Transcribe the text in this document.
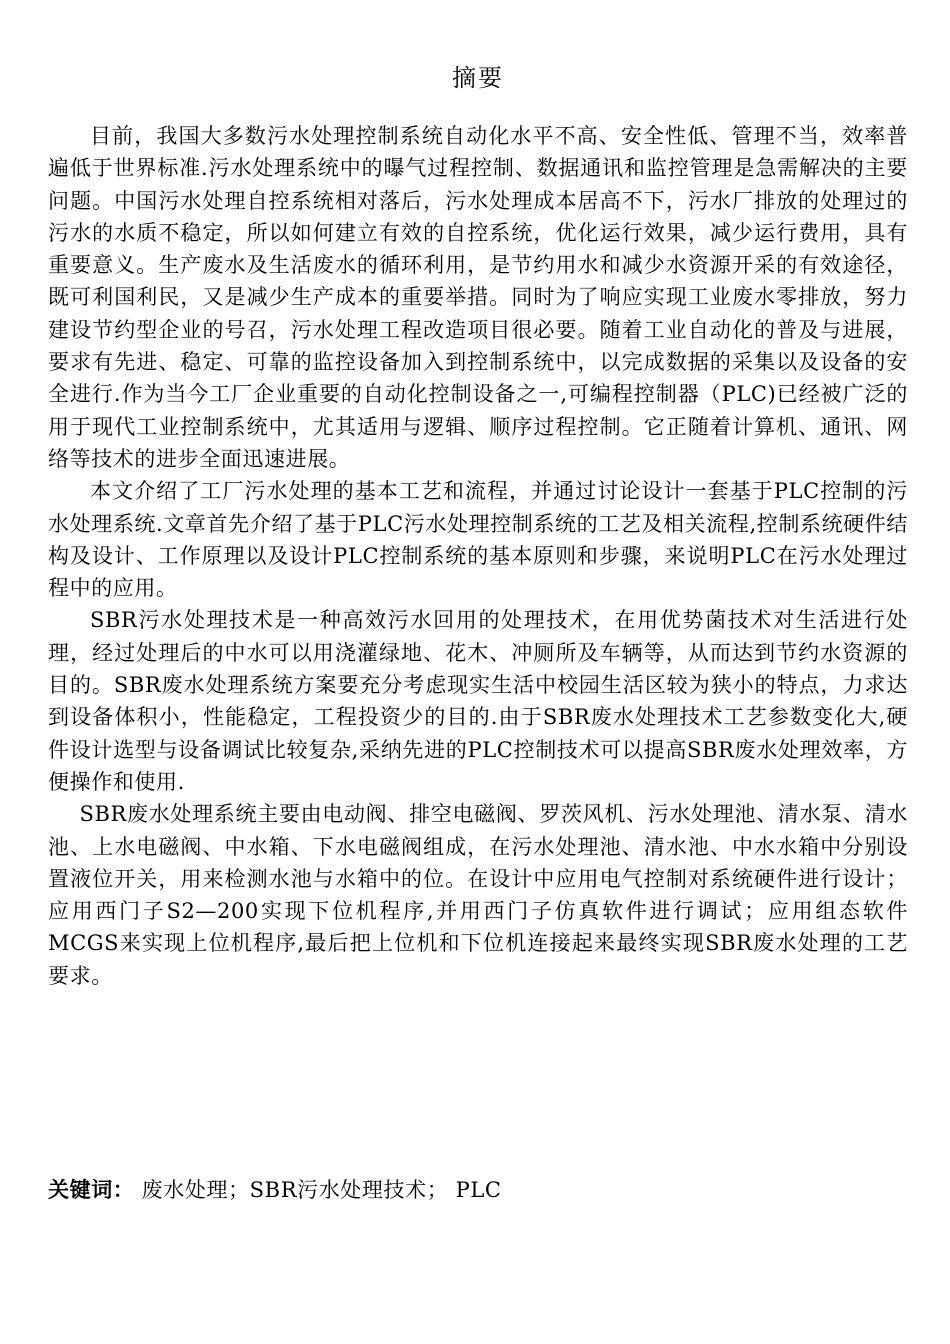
摘要

目前，我国大多数污水处理控制系统自动化水平不高、安全性低、管理不当，效率普遍低于世界标准.污水处理系统中的曝气过程控制、数据通讯和监控管理是急需解决的主要问题。中国污水处理自控系统相对落后，污水处理成本居高不下，污水厂排放的处理过的污水的水质不稳定，所以如何建立有效的自控系统，优化运行效果，减少运行费用，具有重要意义。生产废水及生活废水的循环利用，是节约用水和减少水资源开采的有效途径，既可利国利民，又是减少生产成本的重要举措。同时为了响应实现工业废水零排放，努力建设节约型企业的号召，污水处理工程改造项目很必要。随着工业自动化的普及与进展，要求有先进、稳定、可靠的监控设备加入到控制系统中，以完成数据的采集以及设备的安全进行.作为当今工厂企业重要的自动化控制设备之一,可编程控制器（PLC)已经被广泛的用于现代工业控制系统中，尤其适用与逻辑、顺序过程控制。它正随着计算机、通讯、网络等技术的进步全面迅速进展。

本文介绍了工厂污水处理的基本工艺和流程，并通过讨论设计一套基于PLC控制的污水处理系统.文章首先介绍了基于PLC污水处理控制系统的工艺及相关流程,控制系统硬件结构及设计、工作原理以及设计PLC控制系统的基本原则和步骤，来说明PLC在污水处理过程中的应用。

SBR污水处理技术是一种高效污水回用的处理技术，在用优势菌技术对生活进行处理，经过处理后的中水可以用浇灌绿地、花木、冲厕所及车辆等，从而达到节约水资源的目的。SBR废水处理系统方案要充分考虑现实生活中校园生活区较为狭小的特点，力求达到设备体积小，性能稳定，工程投资少的目的.由于SBR废水处理技术工艺参数变化大,硬件设计选型与设备调试比较复杂,采纳先进的PLC控制技术可以提高SBR废水处理效率，方便操作和使用.

SBR废水处理系统主要由电动阀、排空电磁阀、罗茨风机、污水处理池、清水泵、清水池、上水电磁阀、中水箱、下水电磁阀组成，在污水处理池、清水池、中水水箱中分别设置液位开关，用来检测水池与水箱中的位。在设计中应用电气控制对系统硬件进行设计；应用西门子S2—200实现下位机程序,并用西门子仿真软件进行调试；应用组态软件MCGS来实现上位机程序,最后把上位机和下位机连接起来最终实现SBR废水处理的工艺要求。

关键词： 废水处理；SBR污水处理技术； PLC
